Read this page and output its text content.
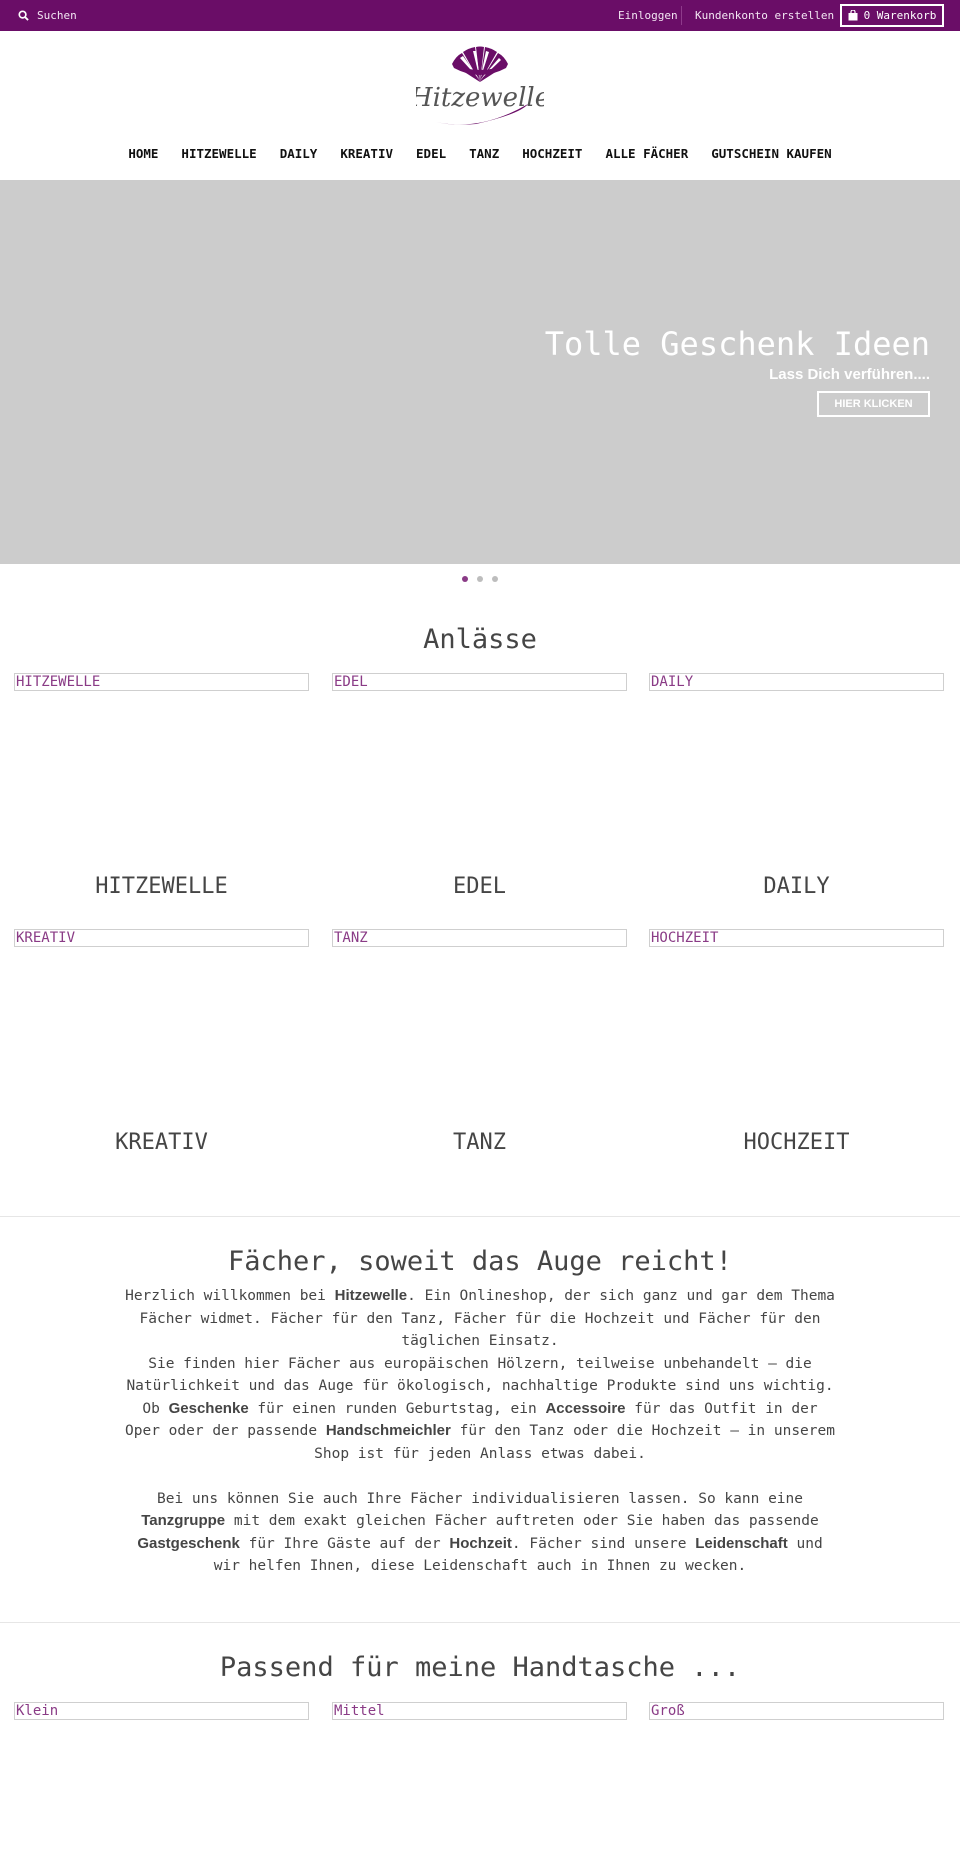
Suchen	Einloggen Kundenkonto erstellen	0 Warenkorb
Hitzewelle
HOME	HITZEWELLE	DAILY	KREATIV	EDEL	TANZ	HOCHZEIT	ALLE FÄCHER	GUTSCHEIN KAUFEN
Tolle Geschenk Ideen
Lass Dich verführen....
HIER KLICKEN
Anlässe
HITZEWELLE	EDEL	DAILY
HITZEWELLE	EDEL	DAILY
KREATIV	TANZ	HOCHZEIT
KREATIV	TANZ	HOCHZEIT
Fächer, soweit das Auge reicht!

Herzlich willkommen bei Hitzewelle. Ein Onlineshop, der sich ganz und gar dem Thema Fächer widmet. Fächer für den Tanz, Fächer für die Hochzeit und Fächer für den täglichen Einsatz.

Sie finden hier Fächer aus europäischen Hölzern, teilweise unbehandelt – die Natürlichkeit und das Auge für ökologisch, nachhaltige Produkte sind uns wichtig. Ob Geschenke für einen runden Geburtstag, ein Accessoire für das Outfit in der Oper oder der passende Handschmeichler für den Tanz oder die Hochzeit – in unserem Shop ist für jeden Anlass etwas dabei.

Bei uns können Sie auch Ihre Fächer individualisieren lassen. So kann eine Tanzgruppe mit dem exakt gleichen Fächer auftreten oder Sie haben das passende Gastgeschenk für Ihre Gäste auf der Hochzeit. Fächer sind unsere Leidenschaft und wir helfen Ihnen, diese Leidenschaft auch in Ihnen zu wecken.

Passend für meine Handtasche ...
Klein	Mittel	Groß
